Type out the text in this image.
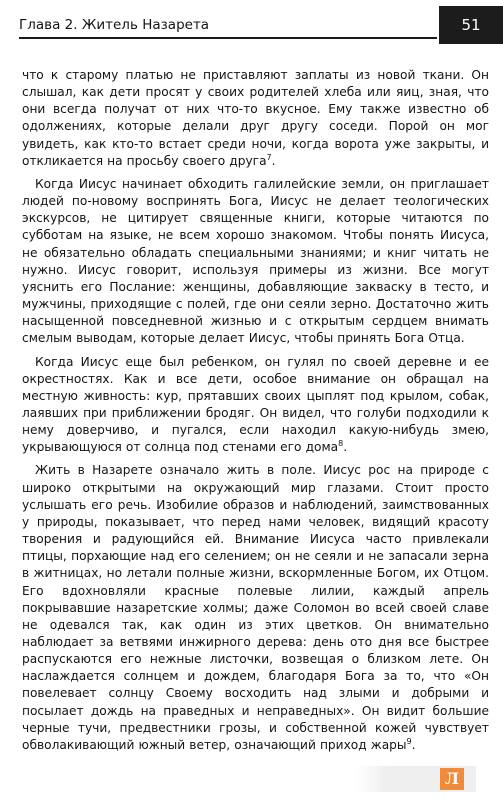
Глава 2. Житель Назарета	51

что к старому платью не приставляют заплаты из новой ткани. Он слышал, как дети просят у своих родителей хлеба или яиц, зная, что они всегда получат от них что-то вкусное. Ему также известно об одолжениях, которые делали друг другу соседи. Порой он мог увидеть, как кто-то встает среди ночи, когда ворота уже закрыты, и откликается на просьбу своего друга$^7$.

Когда Иисус начинает обходить галилейские земли, он приглашает людей по-новому воспринять Бога, Иисус не делает теологических экскурсов, не цитирует священные книги, которые читаются по субботам на языке, не всем хорошо знакомом. Чтобы понять Иисуса, не обязательно обладать специальными знаниями; и книг читать не нужно. Иисус говорит, используя примеры из жизни. Все могут уяснить его Послание: женщины, добавляющие закваску в тесто, и мужчины, приходящие с полей, где они сеяли зерно. Достаточно жить насыщенной повседневной жизнью и с открытым сердцем внимать смелым выводам, которые делает Иисус, чтобы принять Бога Отца.

Когда Иисус еще был ребенком, он гулял по своей деревне и ее окрестностях. Как и все дети, особое внимание он обращал на местную живность: кур, прятавших своих цыплят под крылом, собак, лаявших при приближении бродяг. Он видел, что голуби подходили к нему доверчиво, и пугался, если находил какую-нибудь змею, укрывающуюся от солнца под стенами его дома$^8$.

Жить в Назарете означало жить в поле. Иисус рос на природе с широко открытыми на окружающий мир глазами. Стоит просто услышать его речь. Изобилие образов и наблюдений, заимствованных у природы, показывает, что перед нами человек, видящий красоту творения и радующийся ей. Внимание Иисуса часто привлекали птицы, порхающие над его селением; он не сеяли и не запасали зерна в житницах, но летали полные жизни, вскормленные Богом, их Отцом. Его вдохновляли красные полевые лилии, каждый апрель покрывавшие назаретские холмы; даже Соломон во всей своей славе не одевался так, как один из этих цветков. Он внимательно наблюдает за ветвями инжирного дерева: день ото дня все быстрее распускаются его нежные листочки, возвещая о близком лете. Он наслаждается солнцем и дождем, благодаря Бога за то, что «Он повелевает солнцу Своему восходить над злыми и добрыми и посылает дождь на праведных и неправедных». Он видит большие черные тучи, предвестники грозы, и собственной кожей чувствует обволакивающий южный ветер, означающий приход жары$^9$.

Л
